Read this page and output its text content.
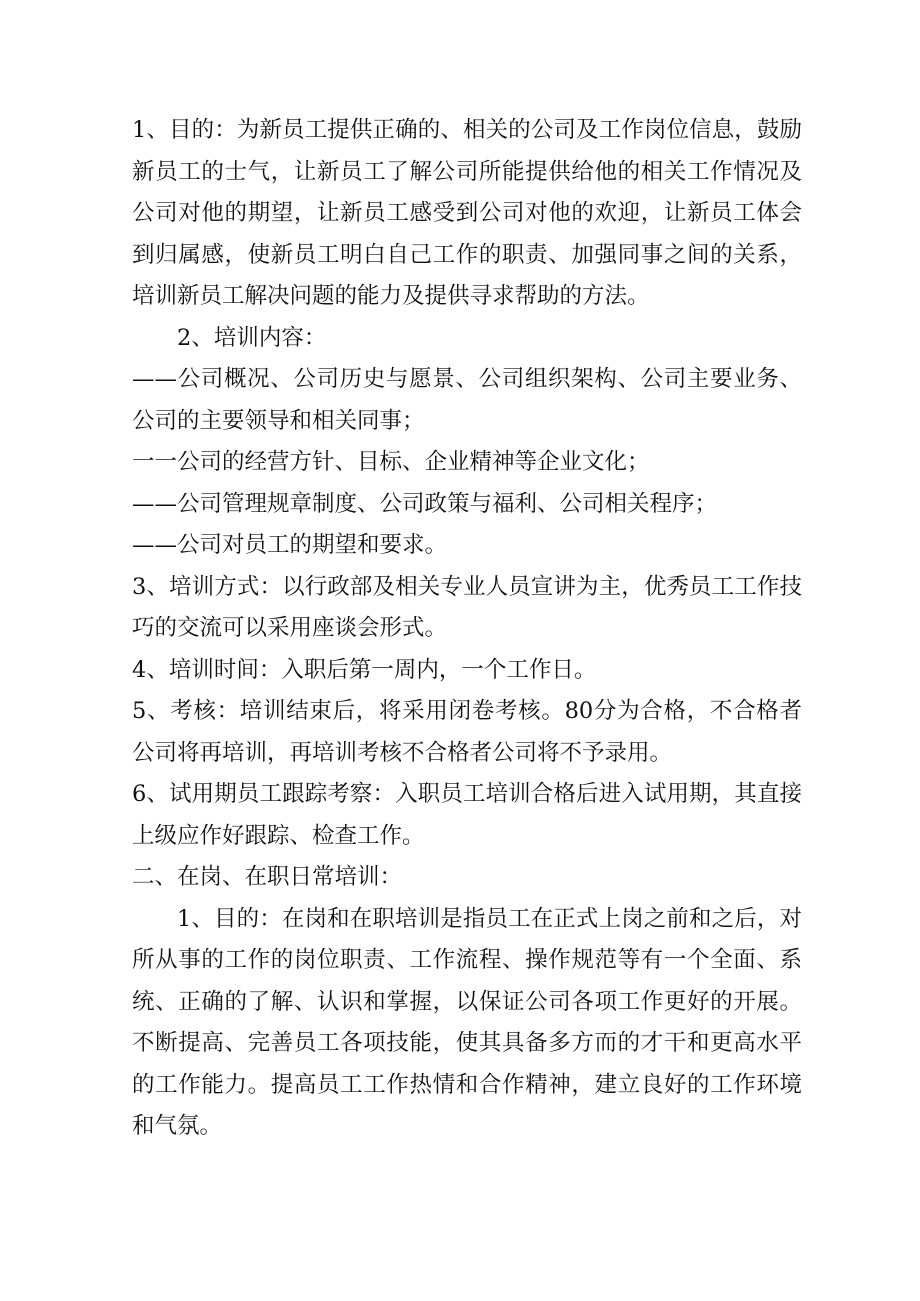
1、目的：为新员工提供正确的、相关的公司及工作岗位信息，鼓励新员工的士气，让新员工了解公司所能提供给他的相关工作情况及公司对他的期望，让新员工感受到公司对他的欢迎，让新员工体会到归属感，使新员工明白自己工作的职责、加强同事之间的关系，培训新员工解决问题的能力及提供寻求帮助的方法。

2、培训内容：

——公司概况、公司历史与愿景、公司组织架构、公司主要业务、公司的主要领导和相关同事；

一一公司的经营方针、目标、企业精神等企业文化；

——公司管理规章制度、公司政策与福利、公司相关程序；

——公司对员工的期望和要求。

3、培训方式：以行政部及相关专业人员宣讲为主，优秀员工工作技巧的交流可以采用座谈会形式。

4、培训时间：入职后第一周内，一个工作日。

5、考核：培训结束后，将采用闭卷考核。80分为合格，不合格者公司将再培训，再培训考核不合格者公司将不予录用。

6、试用期员工跟踪考察：入职员工培训合格后进入试用期，其直接上级应作好跟踪、检查工作。

二、在岗、在职日常培训：

1、目的：在岗和在职培训是指员工在正式上岗之前和之后，对所从事的工作的岗位职责、工作流程、操作规范等有一个全面、系统、正确的了解、认识和掌握，以保证公司各项工作更好的开展。不断提高、完善员工各项技能，使其具备多方而的才干和更高水平的工作能力。提高员工工作热情和合作精神，建立良好的工作环境和气氛。
